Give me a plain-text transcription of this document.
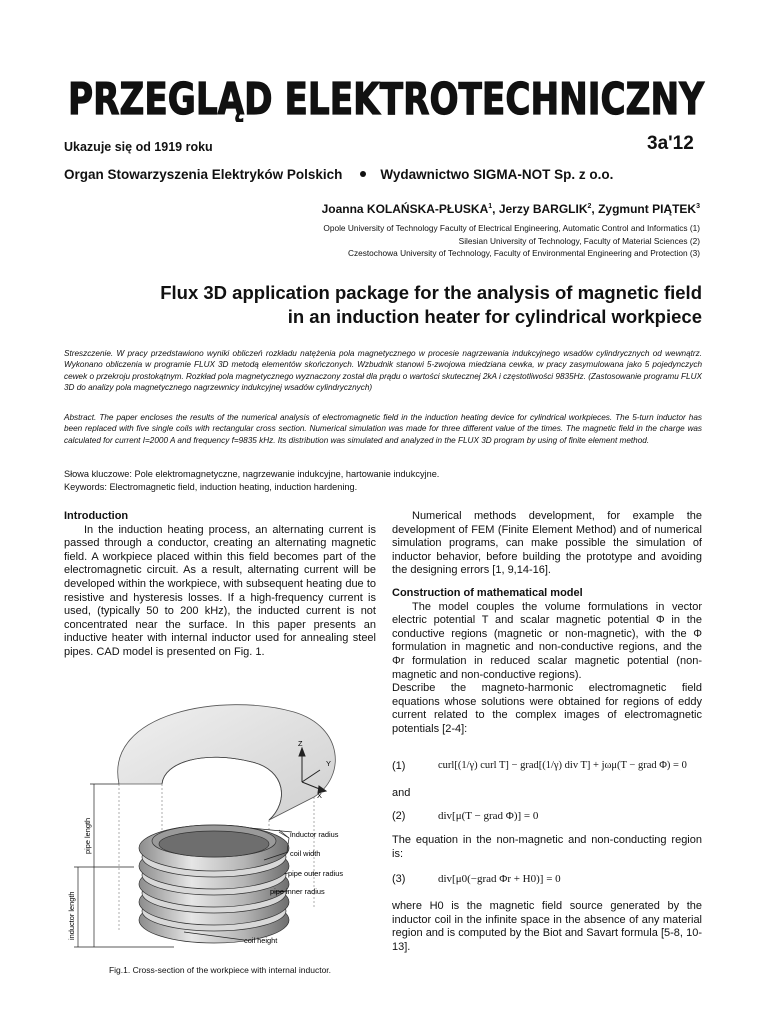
PRZEGLĄD ELEKTROTECHNICZNY
Ukazuje się od 1919 roku	3a'12
Organ Stowarzyszenia Elektryków Polskich	Wydawnictwo SIGMA-NOT Sp. z o.o.
Joanna KOLAŃSKA-PŁUSKA$^1$, Jerzy BARGLIK$^2$, Zygmunt PIĄTEK$^3$
Opole University of Technology Faculty of Electrical Engineering, Automatic Control and Informatics (1)
Silesian University of Technology, Faculty of Material Sciences (2)
Czestochowa University of Technology, Faculty of Environmental Engineering and Protection (3)
Flux 3D application package for the analysis of magnetic field
in an induction heater for cylindrical workpiece
Streszczenie. W pracy przedstawiono wyniki obliczeń rozkładu natężenia pola magnetycznego w procesie nagrzewania indukcyjnego wsadów cylindrycznych od wewnątrz. Wykonano obliczenia w programie FLUX 3D metodą elementów skończonych. Wzbudnik stanowi 5-zwojowa miedziana cewka, w pracy zasymulowana jako 5 pojedynczych cewek o przekroju prostokątnym. Rozkład pola magnetycznego wyznaczony został dla prądu o wartości skutecznej 2kA i częstotliwości 9835Hz. (Zastosowanie programu FLUX 3D do analizy pola magnetycznego nagrzewnicy indukcyjnej wsadów cylindrycznych)
Abstract. The paper encloses the results of the numerical analysis of electromagnetic field in the induction heating device for cylindrical workpieces. The 5-turn inductor has been replaced with five single coils with rectangular cross section. Numerical simulation was made for three different value of the times. The magnetic field in the charge was calculated for current I=2000 A and frequency f=9835 kHz. Its distribution was simulated and analyzed in the FLUX 3D program by using of finite element method.
Słowa kluczowe: Pole elektromagnetyczne, nagrzewanie indukcyjne, hartowanie indukcyjne.
Keywords: Electromagnetic field, induction heating, induction hardening.
Introduction

In the induction heating process, an alternating current is passed through a conductor, creating an alternating magnetic field. A workpiece placed within this field becomes part of the electromagnetic circuit. As a result, alternating current will be developed within the workpiece, with subsequent heating due to resistive and hysteresis losses. If a high-frequency current is used, (typically 50 to 200 kHz), the inducted current is not concentrated near the surface. In this paper presents an inductive heater with internal inductor used for annealing steel pipes. CAD model is presented on Fig. 1.

Z
Y
X
inductor radius
coil width
pipe outer radius
pipe inner radius
coil height
pipe length
inductor length
Fig.1. Cross-section of the workpiece with internal inductor.

Numerical methods development, for example the development of FEM (Finite Element Method) and of numerical simulation programs, can make possible the simulation of inductor behavior, before building the prototype and avoiding the designing errors [1, 9,14-16].

Construction of mathematical model

The model couples the volume formulations in vector electric potential T and scalar magnetic potential Φ in the conductive regions (magnetic or non-magnetic), with the Φ formulation in magnetic and non-conductive regions, and the Φr formulation in reduced scalar magnetic potential (non-magnetic and non-conductive regions).

Describe the magneto-harmonic electromagnetic field equations whose solutions were obtained for regions of eddy current related to the complex images of electromagnetic potentials [2-4]:

(1)	curl[(1/γ) curl T] − grad[(1/γ) div T] + jωμ(T − grad Φ) = 0
and
(2)	div[μ(T − grad Φ)] = 0
The equation in the non-magnetic and non-conducting region is:
(3)	div[μ0(−grad Φr + H0)] = 0
where H0 is the magnetic field source generated by the inductor coil in the infinite space in the absence of any material region and is computed by the Biot and Savart formula [5-8, 10-13].
